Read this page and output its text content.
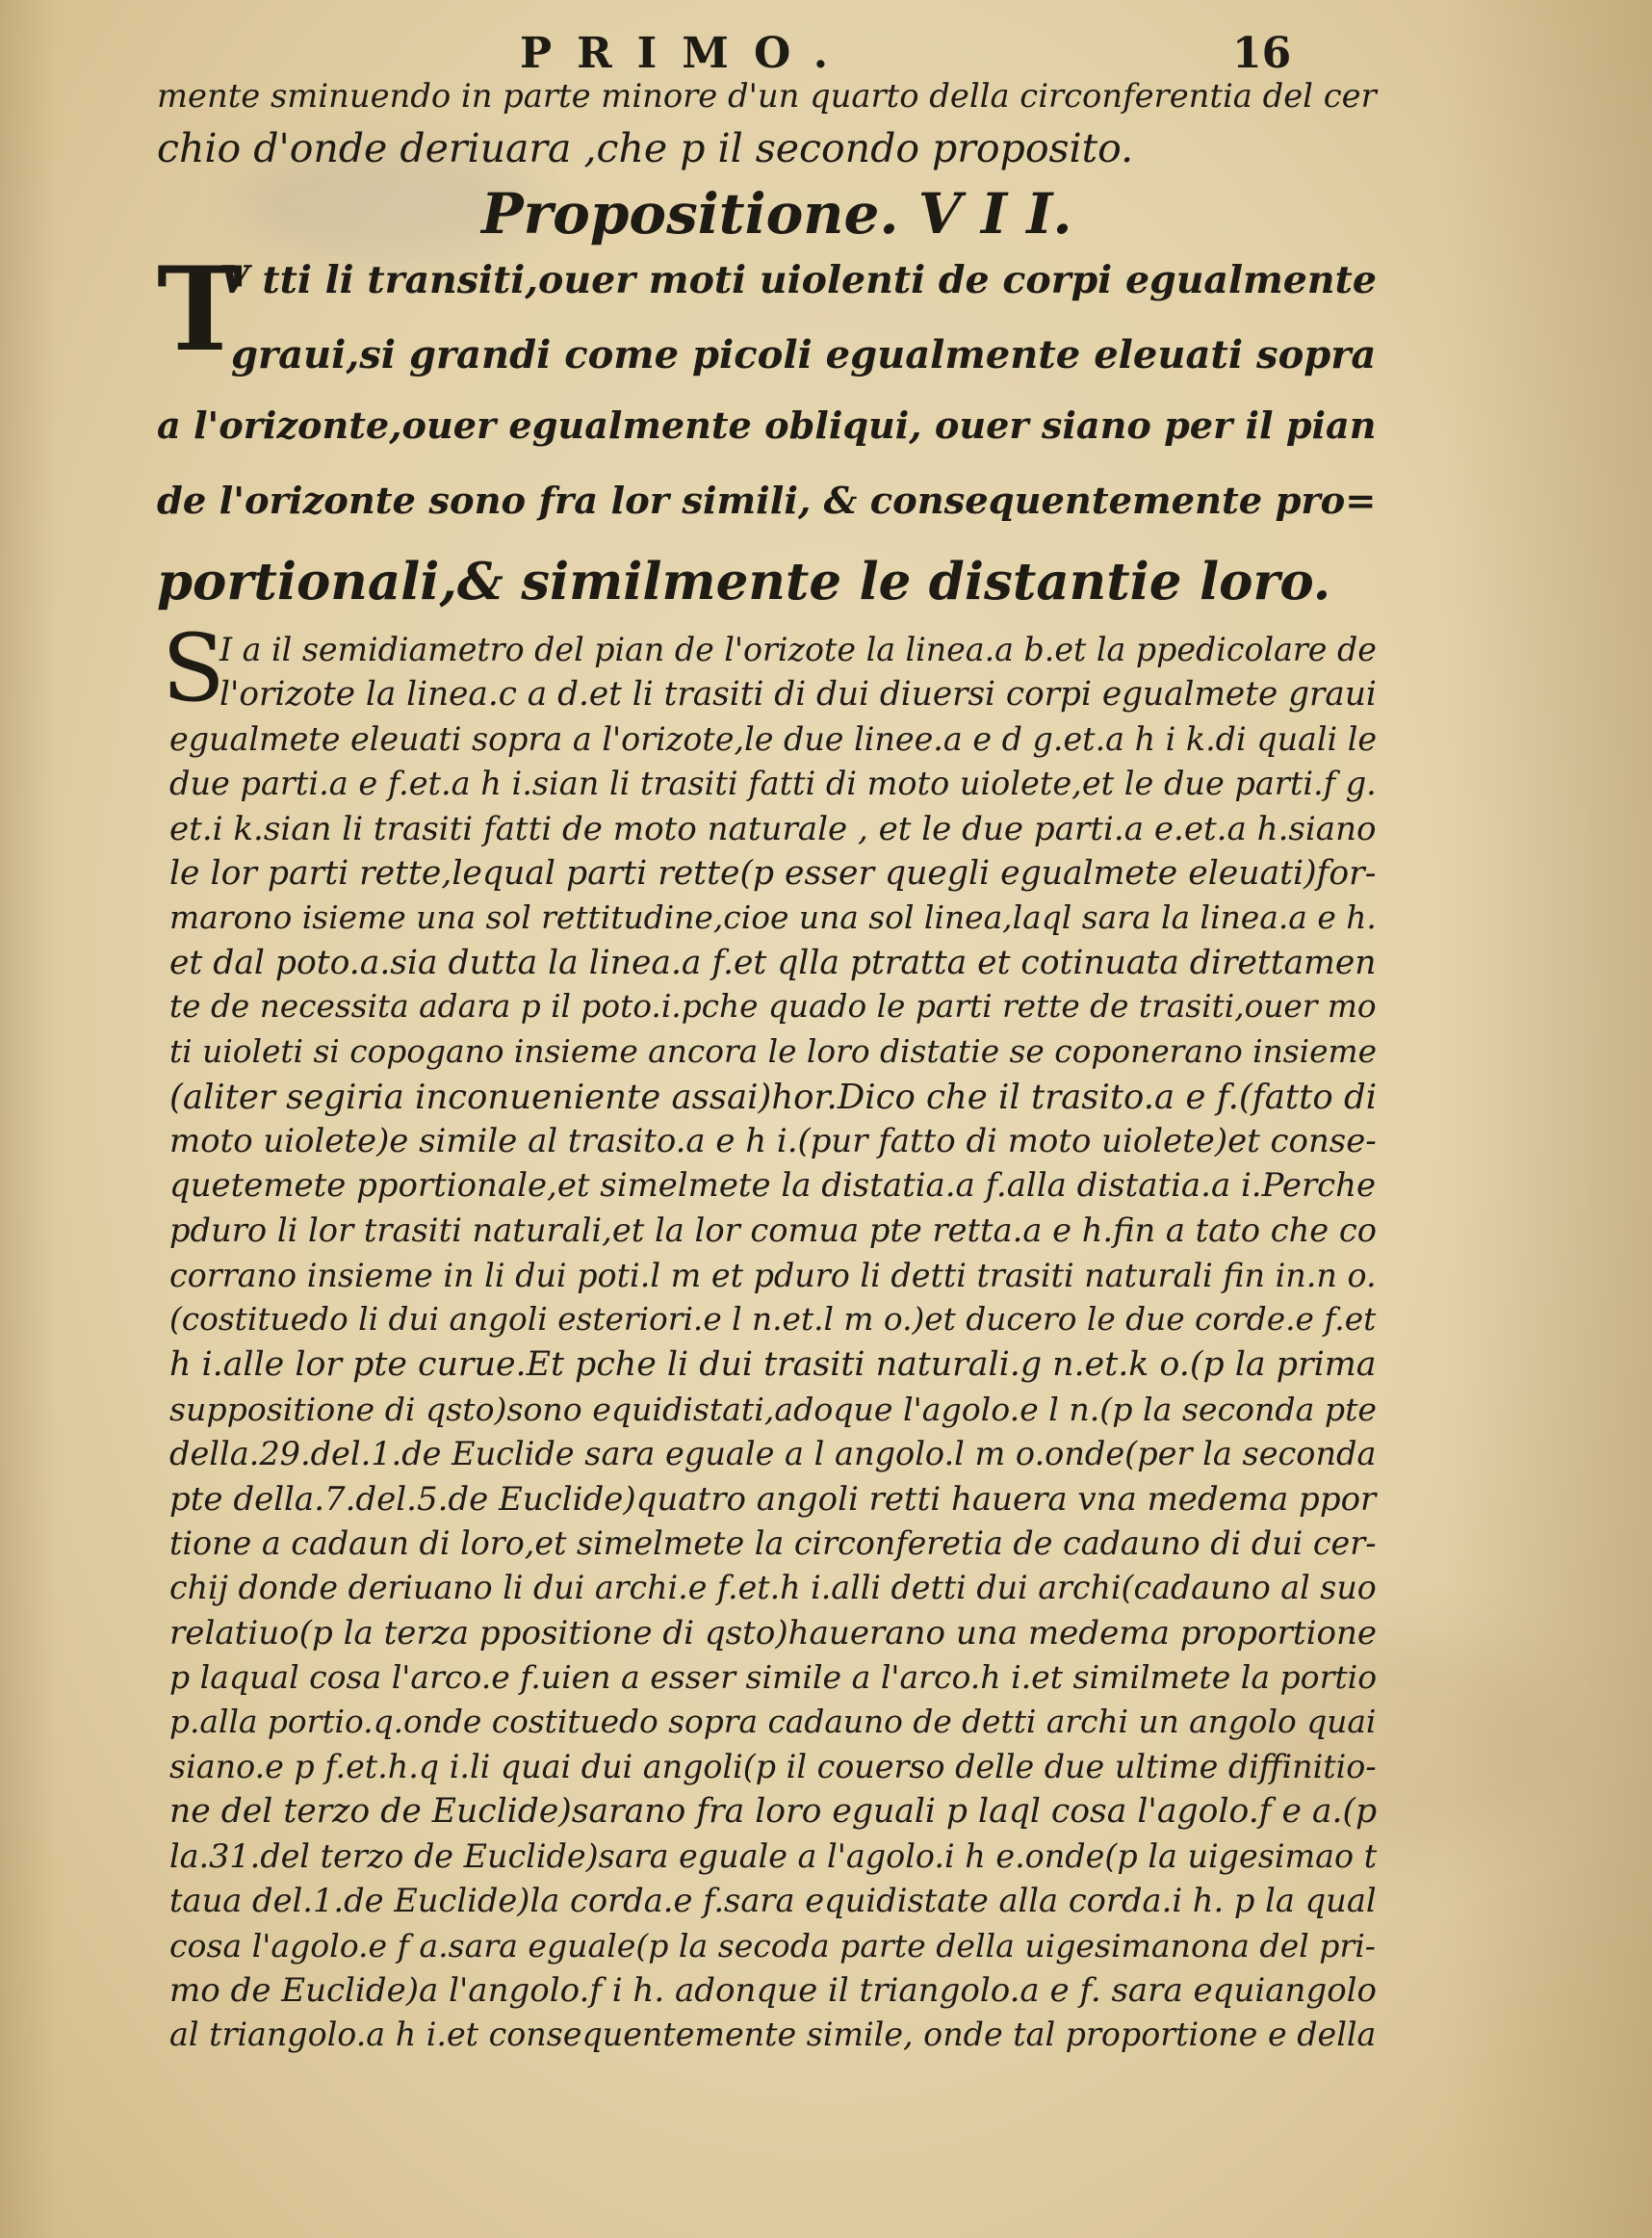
PRIMO.	16
mente sminuendo in parte minore d'un quarto della circonferentia del cer
chio d'onde deriuara ,che p il secondo proposito.
Propositione. V I I.
T
V tti li transiti,ouer moti uiolenti de corpi egualmente
graui,si grandi come picoli egualmente eleuati sopra
a l'orizonte,ouer egualmente obliqui, ouer siano per il pian
de l'orizonte sono fra lor simili, & consequentemente pro=
portionali,& similmente le distantie loro.
S
I a il semidiametro del pian de l'orizote la linea.a b.et la ppedicolare de
l'orizote la linea.c a d.et li trasiti di dui diuersi corpi egualmete graui
egualmete eleuati sopra a l'orizote,le due linee.a e d g.et.a h i k.di quali le
due parti.a e f.et.a h i.sian li trasiti fatti di moto uiolete,et le due parti.f g.
et.i k.sian li trasiti fatti de moto naturale , et le due parti.a e.et.a h.siano
le lor parti rette,lequal parti rette(p esser quegli egualmete eleuati)for-
marono isieme una sol rettitudine,cioe una sol linea,laql sara la linea.a e h.
et dal poto.a.sia dutta la linea.a f.et qlla ptratta et cotinuata direttamen
te de necessita adara p il poto.i.pche quado le parti rette de trasiti,ouer mo
ti uioleti si copogano insieme ancora le loro distatie se coponerano insieme
(aliter segiria inconueniente assai)hor.Dico che il trasito.a e f.(fatto di
moto uiolete)e simile al trasito.a e h i.(pur fatto di moto uiolete)et conse-
quetemete pportionale,et simelmete la distatia.a f.alla distatia.a i.Perche
pduro li lor trasiti naturali,et la lor comua pte retta.a e h.fin a tato che co
corrano insieme in li dui poti.l m et pduro li detti trasiti naturali fin in.n o.
(costituedo li dui angoli esteriori.e l n.et.l m o.)et ducero le due corde.e f.et
h i.alle lor pte curue.Et pche li dui trasiti naturali.g n.et.k o.(p la prima
suppositione di qsto)sono equidistati,adoque l'agolo.e l n.(p la seconda pte
della.29.del.1.de Euclide sara eguale a l angolo.l m o.onde(per la seconda
pte della.7.del.5.de Euclide)quatro angoli retti hauera vna medema ppor
tione a cadaun di loro,et simelmete la circonferetia de cadauno di dui cer-
chij donde deriuano li dui archi.e f.et.h i.alli detti dui archi(cadauno al suo
relatiuo(p la terza ppositione di qsto)hauerano una medema proportione
p laqual cosa l'arco.e f.uien a esser simile a l'arco.h i.et similmete la portio
p.alla portio.q.onde costituedo sopra cadauno de detti archi un angolo quai
siano.e p f.et.h.q i.li quai dui angoli(p il couerso delle due ultime diffinitio-
ne del terzo de Euclide)sarano fra loro eguali p laql cosa l'agolo.f e a.(p
la.31.del terzo de Euclide)sara eguale a l'agolo.i h e.onde(p la uigesimao t
taua del.1.de Euclide)la corda.e f.sara equidistate alla corda.i h. p la qual
cosa l'agolo.e f a.sara eguale(p la secoda parte della uigesimanona del pri-
mo de Euclide)a l'angolo.f i h. adonque il triangolo.a e f. sara equiangolo
al triangolo.a h i.et consequentemente simile, onde tal proportione e della
